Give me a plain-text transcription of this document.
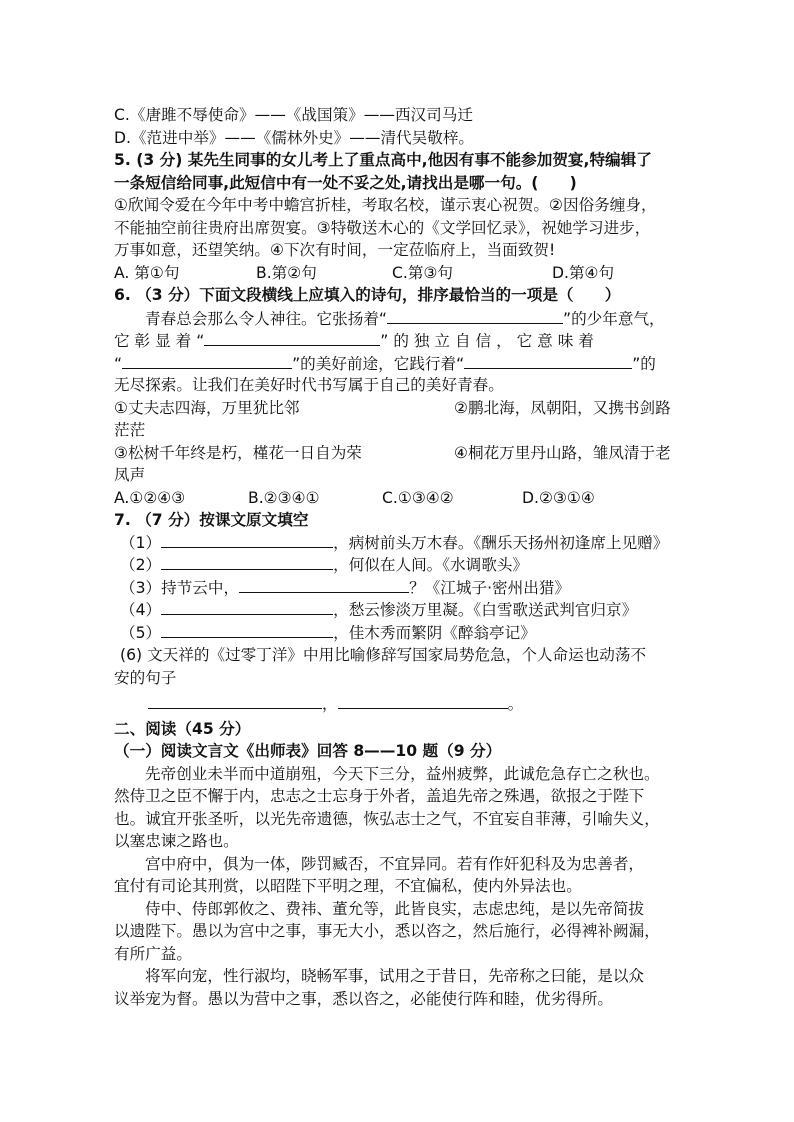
C.《唐雎不辱使命》——《战国策》——西汉司马迁
D.《范进中举》——《儒林外史》——清代吴敬梓。
5. (3 分) 某先生同事的女儿考上了重点高中,他因有事不能参加贺宴,特编辑了
一条短信给同事,此短信中有一处不妥之处,请找出是哪一句。(　　)
①欣闻令爱在今年中考中蟾宫折桂，考取名校，谨示衷心祝贺。②因俗务缠身，
不能抽空前往贵府出席贺宴。③特敬送木心的《文学回忆录》，祝她学习进步，
万事如意，还望笑纳。④下次有时间，一定莅临府上，当面致贺!
A. 第①句	B.第②句	C.第③句	D.第④句
6. （3 分）下面文段横线上应填入的诗句，排序最恰当的一项是（　　）
青春总会那么令人神往。它张扬着“	”的少年意气，
它 彰 显 着 “	” 的 独 立 自 信 ， 它 意 味 着
“	”的美好前途，它践行着“	”的
无尽探索。让我们在美好时代书写属于自己的美好青春。
①丈夫志四海，万里犹比邻	②鹏北海，凤朝阳，又携书剑路
茫茫
③松树千年终是朽，槿花一日自为荣	④桐花万里丹山路，雏凤清于老
凤声
A.①②④③	B.②③④①	C.①③④②	D.②③①④
7. （7 分）按课文原文填空
（1）	，病树前头万木春。《酬乐天扬州初逢席上见赠》
（2）	，何似在人间。《水调歌头》
（3）持节云中，	？《江城子·密州出猎》
（4）	，愁云惨淡万里凝。《白雪歌送武判官归京》
（5）	，佳木秀而繁阴《醉翁亭记》
(6) 文天祥的《过零丁洋》中用比喻修辞写国家局势危急，个人命运也动荡不
安的句子
，	。
二、阅读（45 分）
（一）阅读文言文《出师表》回答 8——10 题（9 分）
先帝创业未半而中道崩殂，今天下三分，益州疲弊，此诚危急存亡之秋也。
然侍卫之臣不懈于内，忠志之士忘身于外者，盖追先帝之殊遇，欲报之于陛下
也。诚宜开张圣听，以光先帝遗德，恢弘志士之气，不宜妄自菲薄，引喻失义，
以塞忠谏之路也。
宫中府中，俱为一体，陟罚臧否，不宜异同。若有作奸犯科及为忠善者，
宜付有司论其刑赏，以昭陛下平明之理，不宜偏私，使内外异法也。
侍中、侍郎郭攸之、费祎、董允等，此皆良实，志虑忠纯，是以先帝简拔
以遗陛下。愚以为宫中之事，事无大小，悉以咨之，然后施行，必得裨补阙漏，
有所广益。
将军向宠，性行淑均，晓畅军事，试用之于昔日，先帝称之曰能，是以众
议举宠为督。愚以为营中之事，悉以咨之，必能使行阵和睦，优劣得所。
